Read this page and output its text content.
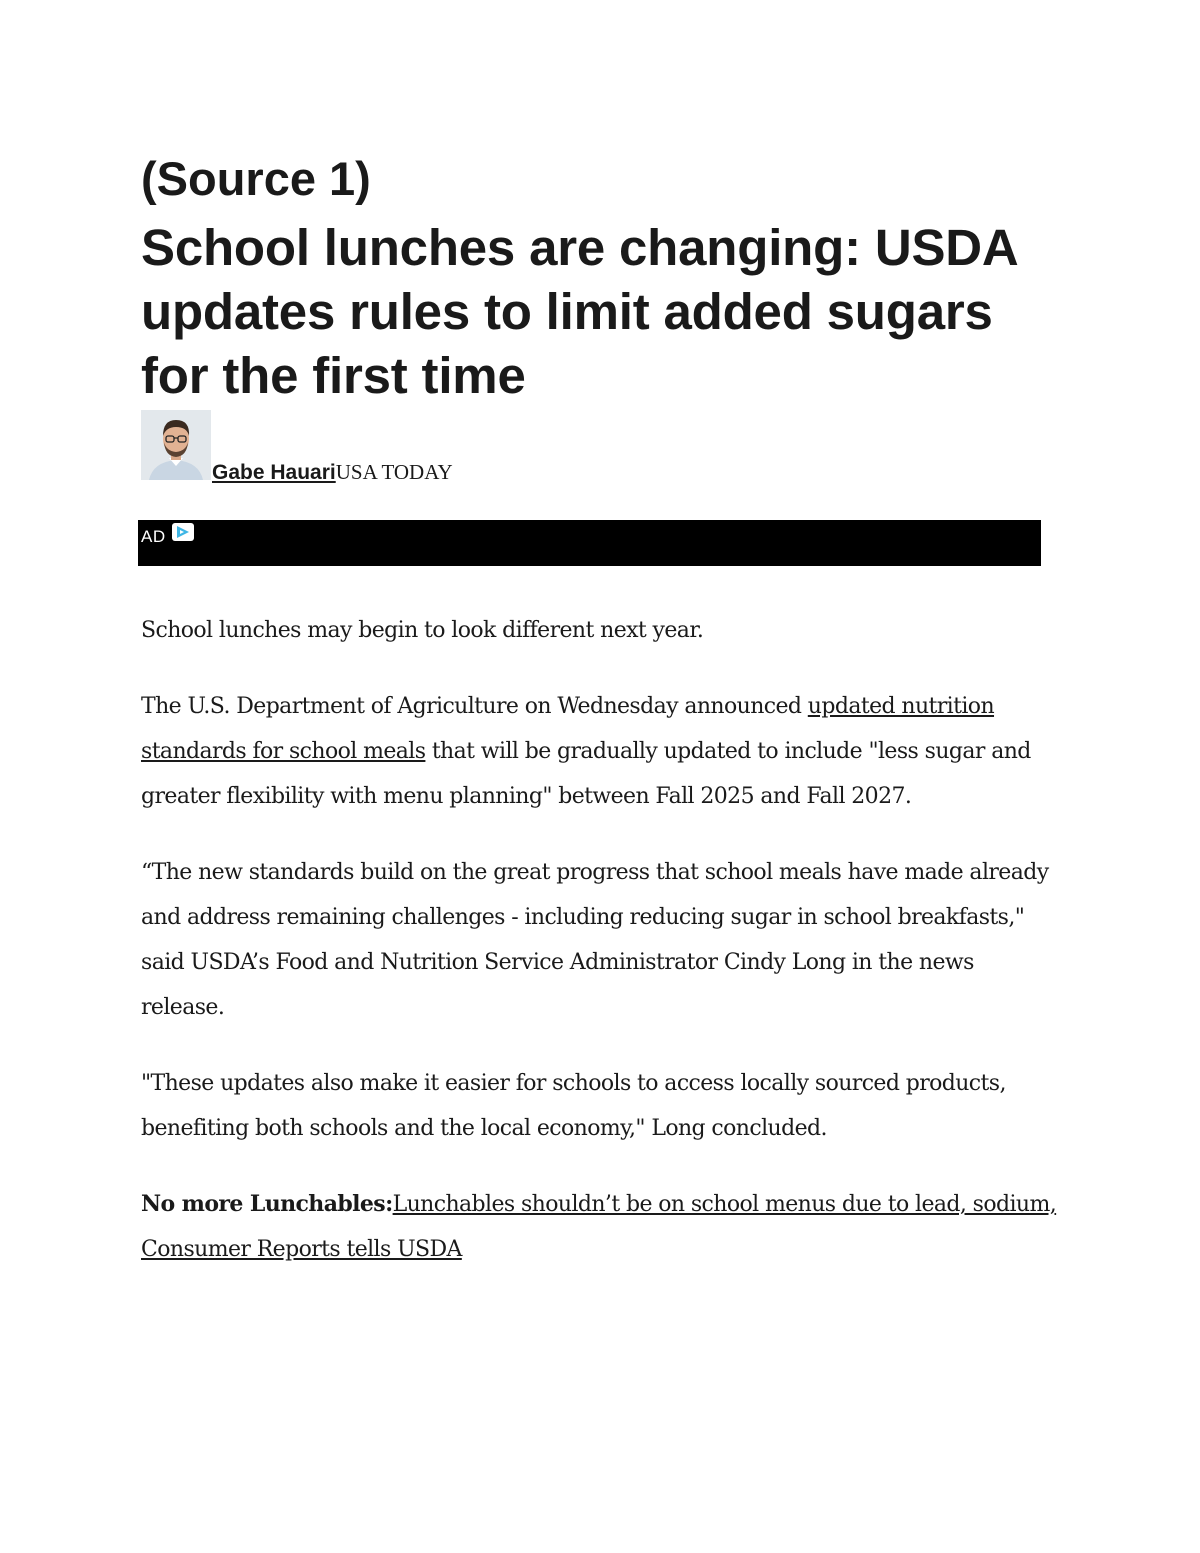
(Source 1)
School lunches are changing: USDA updates rules to limit added sugars for the first time
Gabe HauariUSA TODAY
AD

School lunches may begin to look different next year.

The U.S. Department of Agriculture on Wednesday announced updated nutrition standards for school meals that will be gradually updated to include "less sugar and greater flexibility with menu planning" between Fall 2025 and Fall 2027.

“The new standards build on the great progress that school meals have made already and address remaining challenges - including reducing sugar in school breakfasts," said USDA’s Food and Nutrition Service Administrator Cindy Long in the news release.

"These updates also make it easier for schools to access locally sourced products, benefiting both schools and the local economy," Long concluded.

No more Lunchables:Lunchables shouldn’t be on school menus due to lead, sodium, Consumer Reports tells USDA
